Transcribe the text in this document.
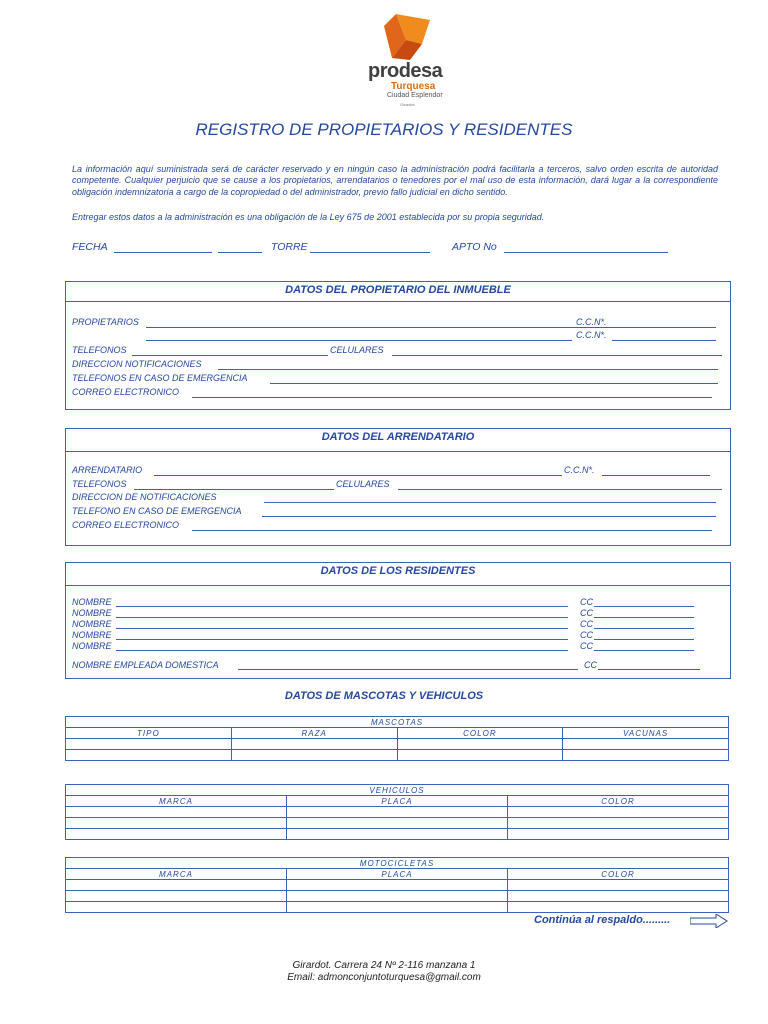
prodesa
Turquesa
Ciudad Esplendor
Girardot
REGISTRO DE PROPIETARIOS Y RESIDENTES
La información aquí suministrada será de carácter reservado y en ningún caso la administración podrá facilitarla a terceros, salvo orden escrita de autoridad competente. Cualquier perjuicio que se cause a los propietarios, arrendatarios o tenedores por el mal uso de esta información, dará lugar a la correspondiente obligación indemnizatoria a cargo de la copropiedad o del administrador, previo fallo judicial en dicho sentido.
Entregar estos datos a la administración es una obligación de la Ley 675 de 2001 establecida por su propia seguridad.
FECHA	TORRE	APTO No
DATOS DEL PROPIETARIO DEL INMUEBLE
PROPIETARIOS	C.C.N*.
C.C.N*.
TELEFONOS	CELULARES
DIRECCION NOTIFICACIONES
TELEFONOS EN CASO DE EMERGENCIA
CORREO ELECTRONICO
DATOS DEL ARRENDATARIO
ARRENDATARIO	C.C.N*.
TELEFONOS	CELULARES
DIRECCION DE NOTIFICACIONES
TELEFONO EN CASO DE EMERGENCIA
CORREO ELECTRONICO
DATOS DE LOS RESIDENTES
NOMBRE	CC
NOMBRE	CC
NOMBRE	CC
NOMBRE	CC
NOMBRE	CC
NOMBRE EMPLEADA DOMESTICA	CC
DATOS DE MASCOTAS Y VEHICULOS
MASCOTAS			
TIPO	RAZA	COLOR	VACUNAS

VEHICULOS		
MARCA	PLACA	COLOR

MOTOCICLETAS		
MARCA	PLACA	COLOR

Continúa al respaldo.........
Girardot. Carrera 24 Nº 2-116 manzana 1
Email: admonconjuntoturquesa@gmail.com
